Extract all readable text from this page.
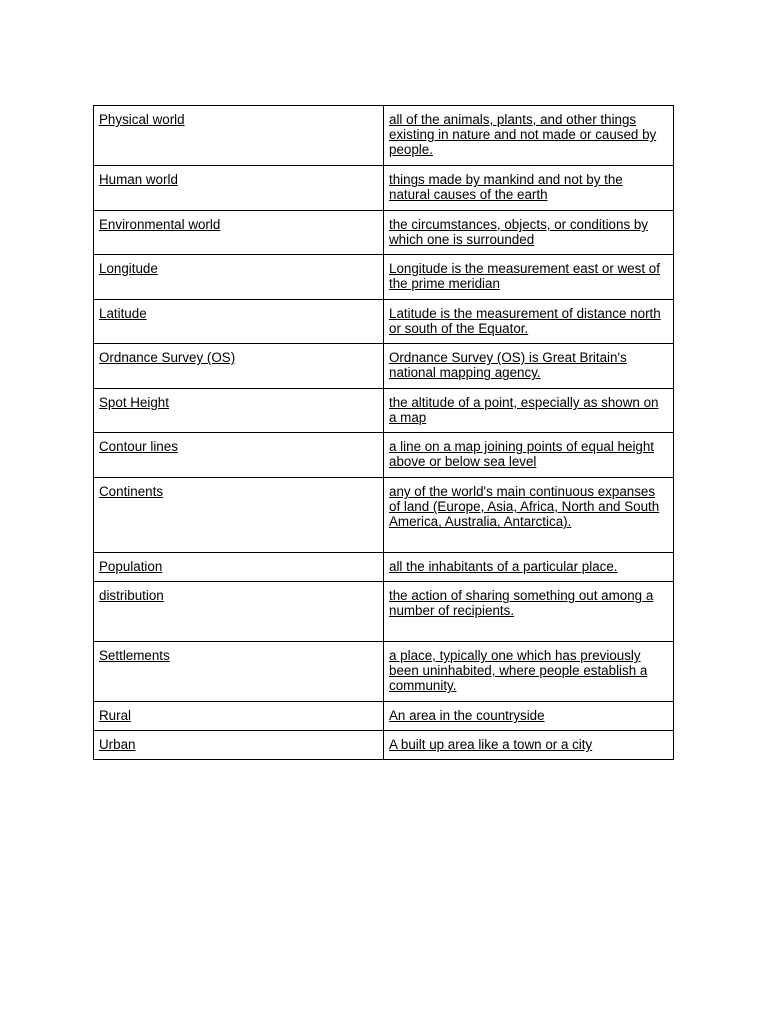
Physical world	all of the animals, plants, and other things existing in nature and not made or caused by people.
Human world	things made by mankind and not by the natural causes of the earth
Environmental world	the circumstances, objects, or conditions by which one is surrounded
Longitude	Longitude is the measurement east or west of the prime meridian
Latitude	Latitude is the measurement of distance north or south of the Equator.
Ordnance Survey (OS)	Ordnance Survey (OS) is Great Britain's national mapping agency.
Spot Height	the altitude of a point, especially as shown on a map
Contour lines	a line on a map joining points of equal height above or below sea level
Continents	any of the world's main continuous expanses of land (Europe, Asia, Africa, North and South America, Australia, Antarctica).
Population	all the inhabitants of a particular place.
distribution	the action of sharing something out among a number of recipients.
Settlements	a place, typically one which has previously been uninhabited, where people establish a community.
Rural	An area in the countryside
Urban	A built up area like a town or a city
